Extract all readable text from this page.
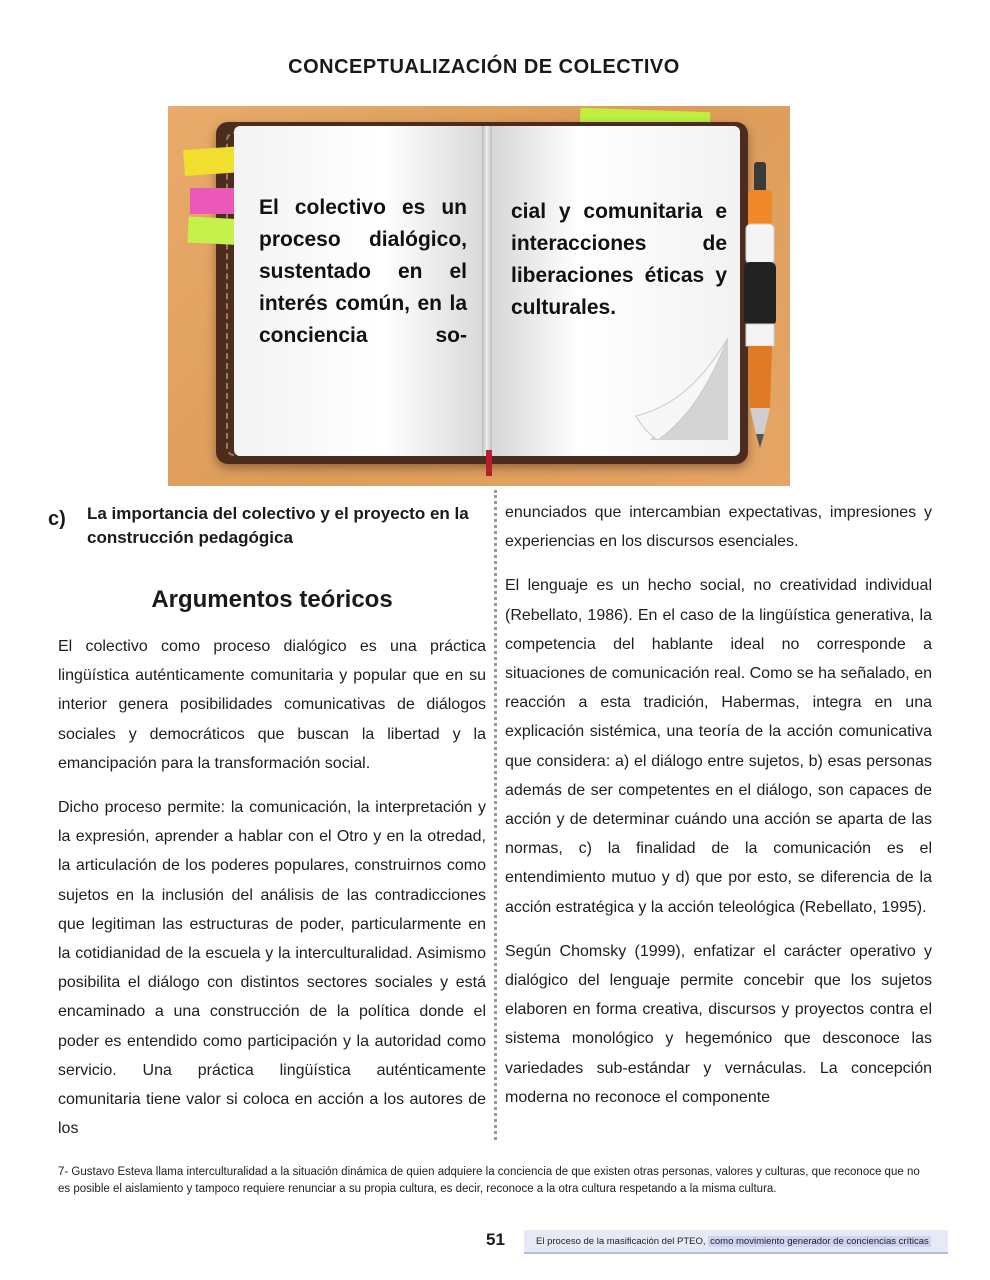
CONCEPTUALIZACIÓN DE COLECTIVO
El colectivo es un proceso dialógico, sustentado en el interés común, en la conciencia so-
cial y comunitaria e interacciones de liberaciones éticas y culturales.
c) La importancia del colectivo y el proyecto en la construcción pedagógica
Argumentos teóricos

El colectivo como proceso dialógico es una práctica lingüística auténticamente comunitaria y popular que en su interior genera posibilidades comunicativas de diálogos sociales y democráticos que buscan la libertad y la emancipación para la transformación social.

Dicho proceso permite: la comunicación, la interpretación y la expresión, aprender a hablar con el Otro y en la otredad, la articulación de los poderes populares, construirnos como sujetos en la inclusión del análisis de las contradicciones que legitiman las estructuras de poder, particularmente en la cotidianidad de la escuela y la interculturalidad. Asimismo posibilita el diálogo con distintos sectores sociales y está encaminado a una construcción de la política donde el poder es entendido como participación y la autoridad como servicio. Una práctica lingüística auténticamente comunitaria tiene valor si coloca en acción a los autores de los

enunciados que intercambian expectativas, impresiones y experiencias en los discursos esenciales.

El lenguaje es un hecho social, no creatividad individual (Rebellato, 1986). En el caso de la lingüística generativa, la competencia del hablante ideal no corresponde a situaciones de comunicación real. Como se ha señalado, en reacción a esta tradición, Habermas, integra en una explicación sistémica, una teoría de la acción comunicativa que considera: a) el diálogo entre sujetos, b) esas personas además de ser competentes en el diálogo, son capaces de acción y de determinar cuándo una acción se aparta de las normas, c) la finalidad de la comunicación es el entendimiento mutuo y d) que por esto, se diferencia de la acción estratégica y la acción teleológica (Rebellato, 1995).

Según Chomsky (1999), enfatizar el carácter operativo y dialógico del lenguaje permite concebir que los sujetos elaboren en forma creativa, discursos y proyectos contra el sistema monológico y hegemónico que desconoce las variedades sub-estándar y vernáculas. La concepción moderna no reconoce el componente

7- Gustavo Esteva llama interculturalidad a la situación dinámica de quien adquiere la conciencia de que existen otras personas, valores y culturas, que reconoce que no es posible el aislamiento y tampoco requiere renunciar a su propia cultura, es decir, reconoce a la otra cultura respetando a la misma cultura.
51	El proceso de la masificación del PTEO, como movimiento generador de conciencias críticas
